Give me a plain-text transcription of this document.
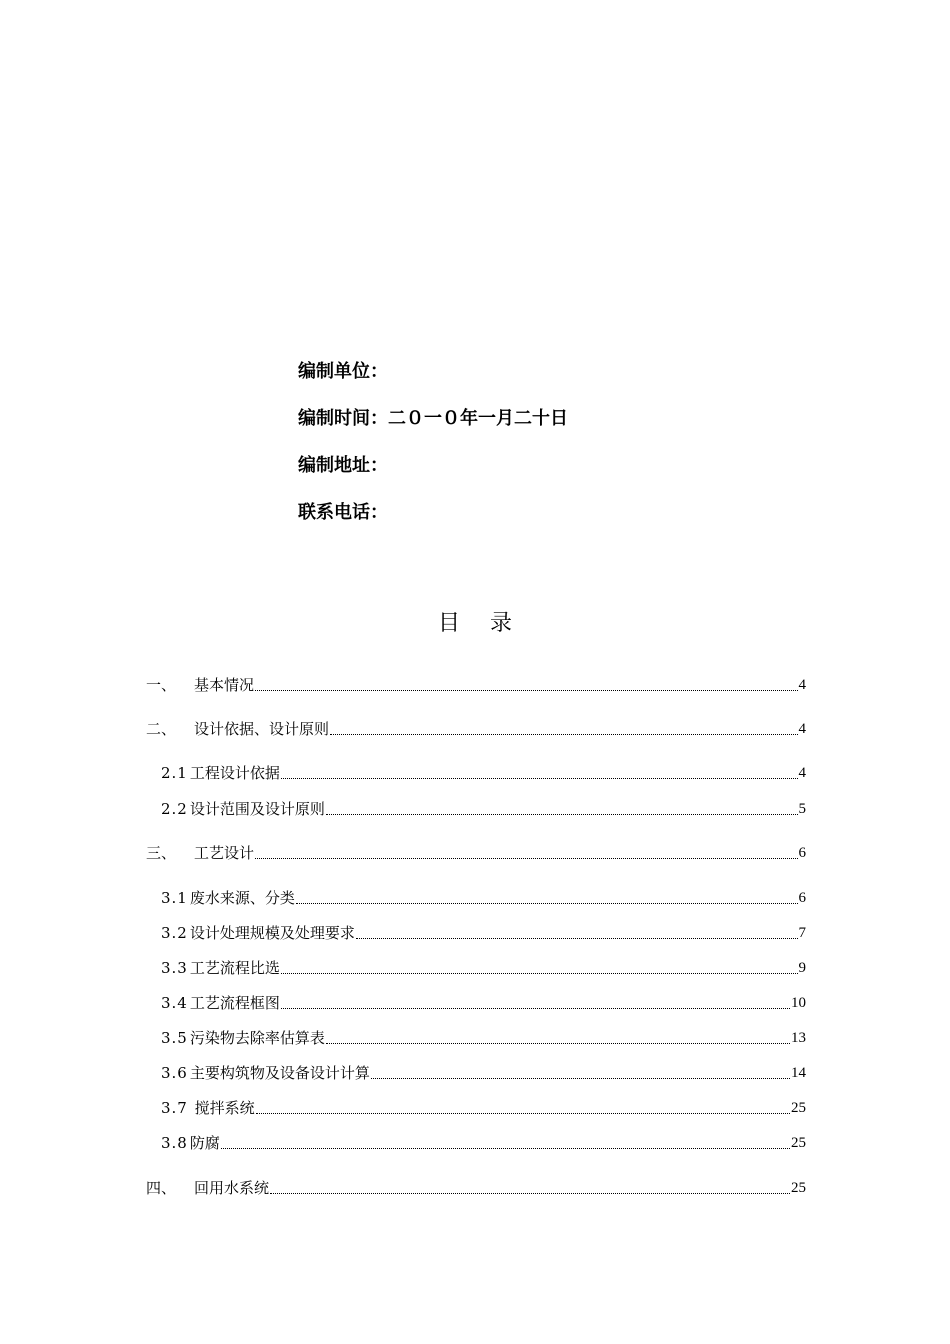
编制单位：
编制时间：二０一０年一月二十日
编制地址：
联系电话：
目录
一、	基本情况	4
二、	设计依据、设计原则	4
2.1 工程设计依据	4
2.2 设计范围及设计原则	5
三、	工艺设计	6
3.1 废水来源、分类	6
3.2 设计处理规模及处理要求	7
3.3 工艺流程比选	9
3.4 工艺流程框图	10
3.5 污染物去除率估算表	13
3.6 主要构筑物及设备设计计算	14
3.7 搅拌系统	25
3.8 防腐	25
四、	回用水系统	25
